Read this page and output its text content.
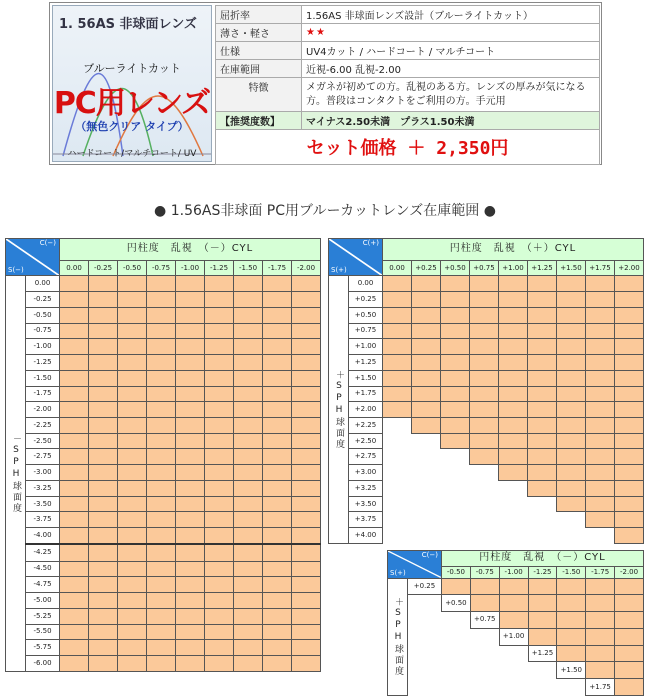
1. 56AS 非球面レンズ
ブルーライトカット
PC用レンズ
（無色クリア タイプ）
ハードコート/マルチコート/ UV
屈折率	1.56AS 非球面レンズ設計（ブルーライトカット）
薄さ・軽さ	★★
仕様	UV4カット / ハードコート / マルチコート
在庫範囲	近視-6.00 乱視-2.00
特徴	メガネが初めての方。乱視のある方。レンズの厚みが気になる方。普段はコンタクトをご利用の方。手元用
【推奨度数】	マイナス2.50未満　プラス1.50未満
セット価格 ＋ 2,350円	
● 1.56AS非球面 PC用ブルーカットレンズ在庫範囲 ●
C(−)
S(−)		円柱度　乱視　（－）CYL								
		0.00	-0.25	-0.50	-0.75	-1.00	-1.25	-1.50	-1.75	-2.00
－SPH球面度	0.00									
	-0.25									
	-0.50									
	-0.75									
	-1.00									
	-1.25									
	-1.50									
	-1.75									
	-2.00									
	-2.25									
	-2.50									
	-2.75									
	-3.00									
	-3.25									
	-3.50									
	-3.75									
	-4.00									
	-4.25									
	-4.50									
	-4.75									
	-5.00									
	-5.25									
	-5.50									
	-5.75									
	-6.00									
C(+)
S(+)		円柱度　乱視　（＋）CYL								
		0.00	+0.25	+0.50	+0.75	+1.00	+1.25	+1.50	+1.75	+2.00
＋SPH球面度	0.00									
	+0.25									
	+0.50									
	+0.75									
	+1.00									
	+1.25									
	+1.50									
	+1.75									
	+2.00									
	+2.25									
	+2.50									
	+2.75									
	+3.00									
	+3.25									
	+3.50									
	+3.75									
	+4.00									
C(−)
S(+)		円柱度　乱視　（－）CYL						
		-0.50	-0.75	-1.00	-1.25	-1.50	-1.75	-2.00
＋SPH球面度	+0.25							
		+0.50						
			+0.75					
				+1.00				
					+1.25			
						+1.50		
							+1.75	
